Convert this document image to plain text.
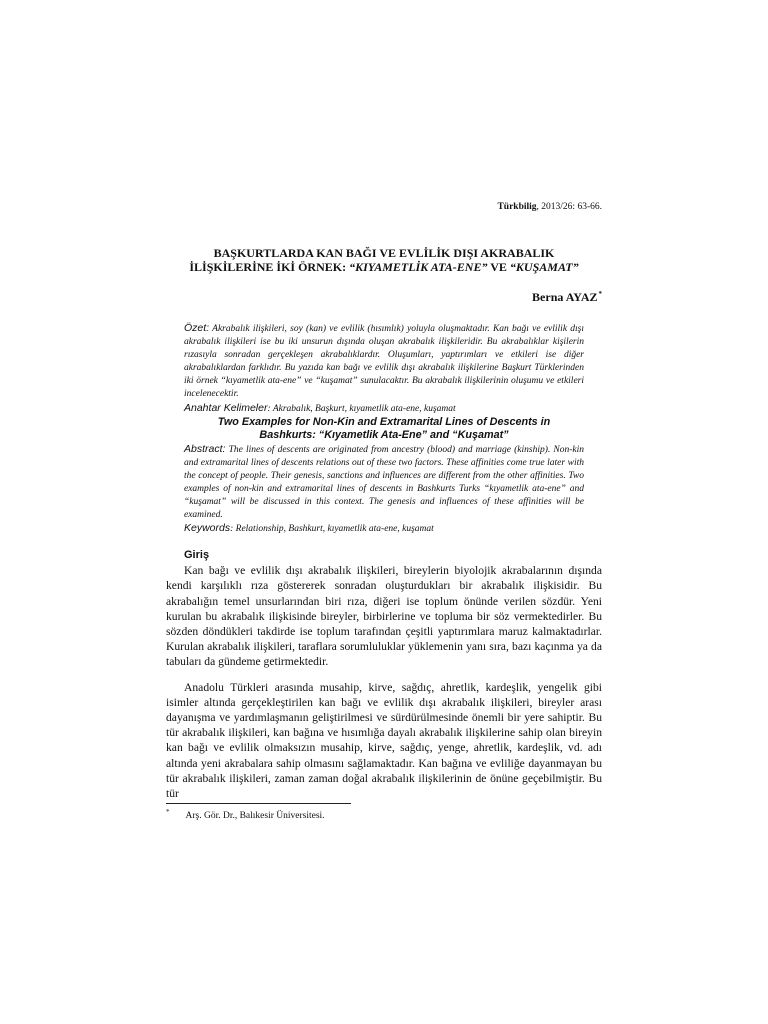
Türkbilig, 2013/26: 63-66.
BAŞKURTLARDA KAN BAĞI VE EVLİLİK DIŞI AKRABALIK
İLİŞKİLERİNE İKİ ÖRNEK: “KIYAMETLİK ATA-ENE” VE “KUŞAMAT”
Berna AYAZ*

Özet: Akrabalık ilişkileri, soy (kan) ve evlilik (hısımlık) yoluyla oluşmaktadır. Kan bağı ve evlilik dışı akrabalık ilişkileri ise bu iki unsurun dışında oluşan akrabalık ilişkileridir. Bu akrabalıklar kişilerin rızasıyla sonradan gerçekleşen akrabalıklardır. Oluşumları, yaptırımları ve etkileri ise diğer akrabalıklardan farklıdır. Bu yazıda kan bağı ve evlilik dışı akrabalık ilişkilerine Başkurt Türklerinden iki örnek “kıyametlik ata-ene” ve “kuşamat” sunulacaktır. Bu akrabalık ilişkilerinin oluşumu ve etkileri incelenecektir.

Anahtar Kelimeler: Akrabalık, Başkurt, kıyametlik ata-ene, kuşamat

Two Examples for Non-Kin and Extramarital Lines of Descents in
Bashkurts: “Kıyametlik Ata-Ene” and “Kuşamat”

Abstract: The lines of descents are originated from ancestry (blood) and marriage (kinship). Non-kin and extramarital lines of descents relations out of these two factors. These affinities come true later with the concept of people. Their genesis, sanctions and influences are different from the other affinities. Two examples of non-kin and extramarital lines of descents in Bashkurts Turks “kıyametlik ata-ene” and “kuşamat” will be discussed in this context. The genesis and influences of these affinities will be examined.

Keywords: Relationship, Bashkurt, kıyametlik ata-ene, kuşamat

Giriş

Kan bağı ve evlilik dışı akrabalık ilişkileri, bireylerin biyolojik akrabalarının dışında kendi karşılıklı rıza göstererek sonradan oluşturdukları bir akrabalık ilişkisidir. Bu akrabalığın temel unsurlarından biri rıza, diğeri ise toplum önünde verilen sözdür. Yeni kurulan bu akrabalık ilişkisinde bireyler, birbirlerine ve topluma bir söz vermektedirler. Bu sözden döndükleri takdirde ise toplum tarafından çeşitli yaptırımlara maruz kalmaktadırlar. Kurulan akrabalık ilişkileri, taraflara sorumluluklar yüklemenin yanı sıra, bazı kaçınma ya da tabuları da gündeme getirmektedir.

Anadolu Türkleri arasında musahip, kirve, sağdıç, ahretlik, kardeşlik, yengelik gibi isimler altında gerçekleştirilen kan bağı ve evlilik dışı akrabalık ilişkileri, bireyler arası dayanışma ve yardımlaşmanın geliştirilmesi ve sürdürülmesinde önemli bir yere sahiptir. Bu tür akrabalık ilişkileri, kan bağına ve hısımlığa dayalı akrabalık ilişkilerine sahip olan bireyin kan bağı ve evlilik olmaksızın musahip, kirve, sağdıç, yenge, ahretlik, kardeşlik, vd. adı altında yeni akrabalara sahip olmasını sağlamaktadır. Kan bağına ve evliliğe dayanmayan bu tür akrabalık ilişkileri, zaman zaman doğal akrabalık ilişkilerinin de önüne geçebilmiştir. Bu tür

* Arş. Gör. Dr., Balıkesir Üniversitesi.
